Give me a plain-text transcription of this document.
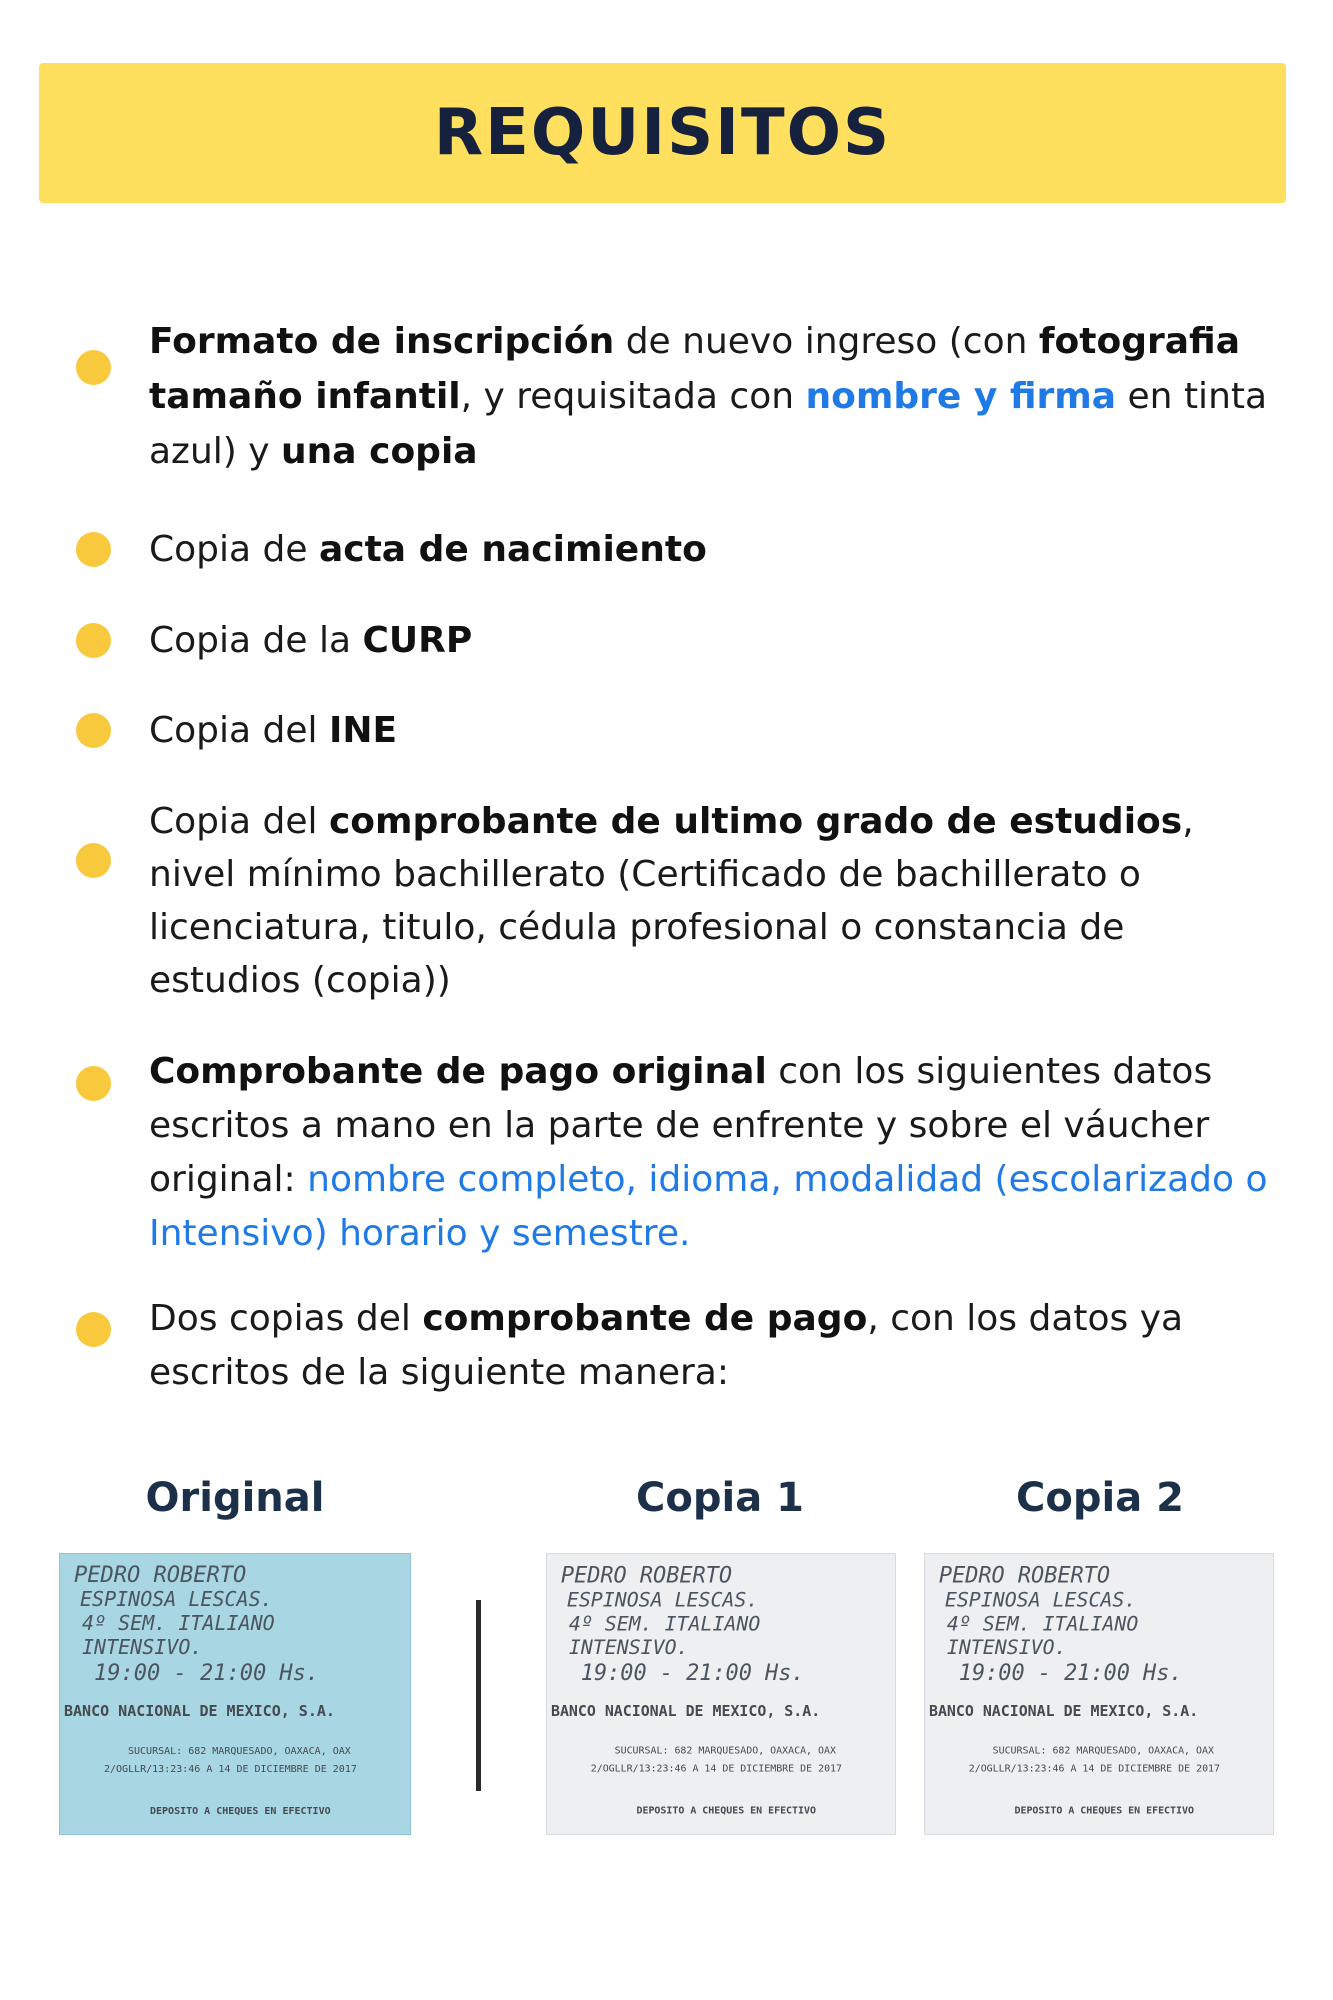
REQUISITOS
Formato de inscripción de nuevo ingreso (con fotografia tamaño infantil, y requisitada con nombre y firma en tinta azul) y una copia
Copia de acta de nacimiento
Copia de la CURP
Copia del INE
Copia del comprobante de ultimo grado de estudios, nivel mínimo bachillerato (Certificado de bachillerato o licenciatura, titulo, cédula profesional o constancia de estudios (copia))
Comprobante de pago original con los siguientes datos escritos a mano en la parte de enfrente y sobre el váucher original: nombre completo, idioma, modalidad (escolarizado o Intensivo) horario y semestre.
Dos copias del comprobante de pago, con los datos ya escritos de la siguiente manera:
Original	Copia 1	Copia 2
PEDRO ROBERTO
ESPINOSA LESCAS.
4º SEM. ITALIANO
INTENSIVO.
19:00 - 21:00 Hs.
BANCO NACIONAL DE MEXICO, S.A.
SUCURSAL: 682 MARQUESADO, OAXACA, OAX
2/OGLLR/13:23:46 A 14 DE DICIEMBRE DE 2017
DEPOSITO A CHEQUES EN EFECTIVO
PEDRO ROBERTO
ESPINOSA LESCAS.
4º SEM. ITALIANO
INTENSIVO.
19:00 - 21:00 Hs.
BANCO NACIONAL DE MEXICO, S.A.
SUCURSAL: 682 MARQUESADO, OAXACA, OAX
2/OGLLR/13:23:46 A 14 DE DICIEMBRE DE 2017
DEPOSITO A CHEQUES EN EFECTIVO
PEDRO ROBERTO
ESPINOSA LESCAS.
4º SEM. ITALIANO
INTENSIVO.
19:00 - 21:00 Hs.
BANCO NACIONAL DE MEXICO, S.A.
SUCURSAL: 682 MARQUESADO, OAXACA, OAX
2/OGLLR/13:23:46 A 14 DE DICIEMBRE DE 2017
DEPOSITO A CHEQUES EN EFECTIVO
